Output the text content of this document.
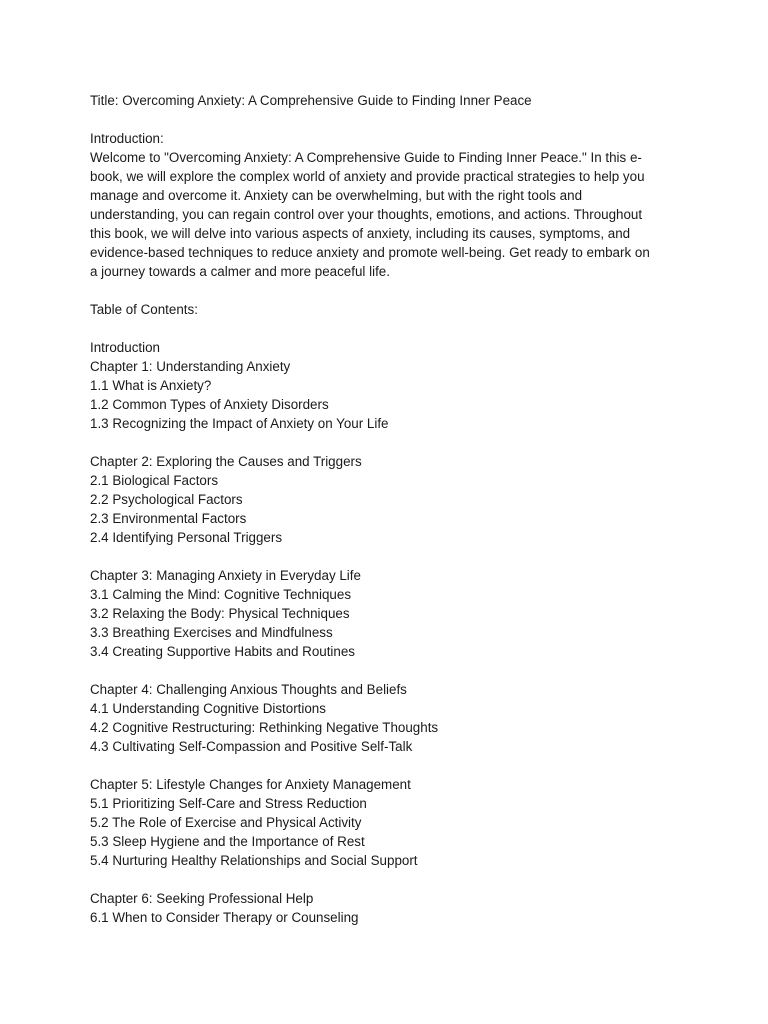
Title: Overcoming Anxiety: A Comprehensive Guide to Finding Inner Peace
Introduction:
Welcome to "Overcoming Anxiety: A Comprehensive Guide to Finding Inner Peace." In this e-
book, we will explore the complex world of anxiety and provide practical strategies to help you
manage and overcome it. Anxiety can be overwhelming, but with the right tools and
understanding, you can regain control over your thoughts, emotions, and actions. Throughout
this book, we will delve into various aspects of anxiety, including its causes, symptoms, and
evidence-based techniques to reduce anxiety and promote well-being. Get ready to embark on
a journey towards a calmer and more peaceful life.
Table of Contents:
Introduction
Chapter 1: Understanding Anxiety
1.1 What is Anxiety?
1.2 Common Types of Anxiety Disorders
1.3 Recognizing the Impact of Anxiety on Your Life
Chapter 2: Exploring the Causes and Triggers
2.1 Biological Factors
2.2 Psychological Factors
2.3 Environmental Factors
2.4 Identifying Personal Triggers
Chapter 3: Managing Anxiety in Everyday Life
3.1 Calming the Mind: Cognitive Techniques
3.2 Relaxing the Body: Physical Techniques
3.3 Breathing Exercises and Mindfulness
3.4 Creating Supportive Habits and Routines
Chapter 4: Challenging Anxious Thoughts and Beliefs
4.1 Understanding Cognitive Distortions
4.2 Cognitive Restructuring: Rethinking Negative Thoughts
4.3 Cultivating Self-Compassion and Positive Self-Talk
Chapter 5: Lifestyle Changes for Anxiety Management
5.1 Prioritizing Self-Care and Stress Reduction
5.2 The Role of Exercise and Physical Activity
5.3 Sleep Hygiene and the Importance of Rest
5.4 Nurturing Healthy Relationships and Social Support
Chapter 6: Seeking Professional Help
6.1 When to Consider Therapy or Counseling
